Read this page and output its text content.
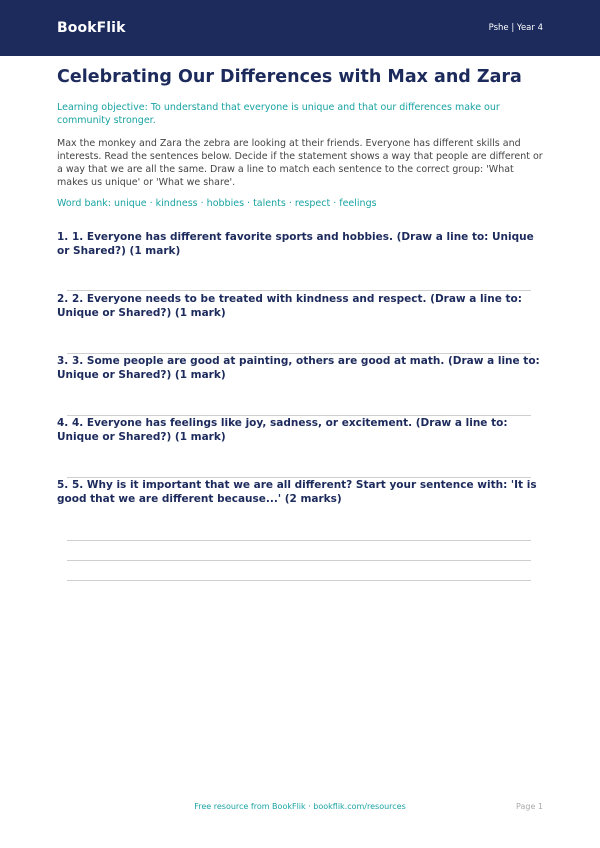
BookFlik	Pshe | Year 4
Celebrating Our Differences with Max and Zara

Learning objective: To understand that everyone is unique and that our differences make our community stronger.

Max the monkey and Zara the zebra are looking at their friends. Everyone has different skills and interests. Read the sentences below. Decide if the statement shows a way that people are different or a way that we are all the same. Draw a line to match each sentence to the correct group: 'What makes us unique' or 'What we share'.

Word bank: unique · kindness · hobbies · talents · respect · feelings

1. 1. Everyone has different favorite sports and hobbies. (Draw a line to: Unique or Shared?) (1 mark)
2. 2. Everyone needs to be treated with kindness and respect. (Draw a line to: Unique or Shared?) (1 mark)
3. 3. Some people are good at painting, others are good at math. (Draw a line to: Unique or Shared?) (1 mark)
4. 4. Everyone has feelings like joy, sadness, or excitement. (Draw a line to: Unique or Shared?) (1 mark)
5. 5. Why is it important that we are all different? Start your sentence with: 'It is good that we are different because...' (2 marks)
Free resource from BookFlik · bookflik.com/resources	Page 1
